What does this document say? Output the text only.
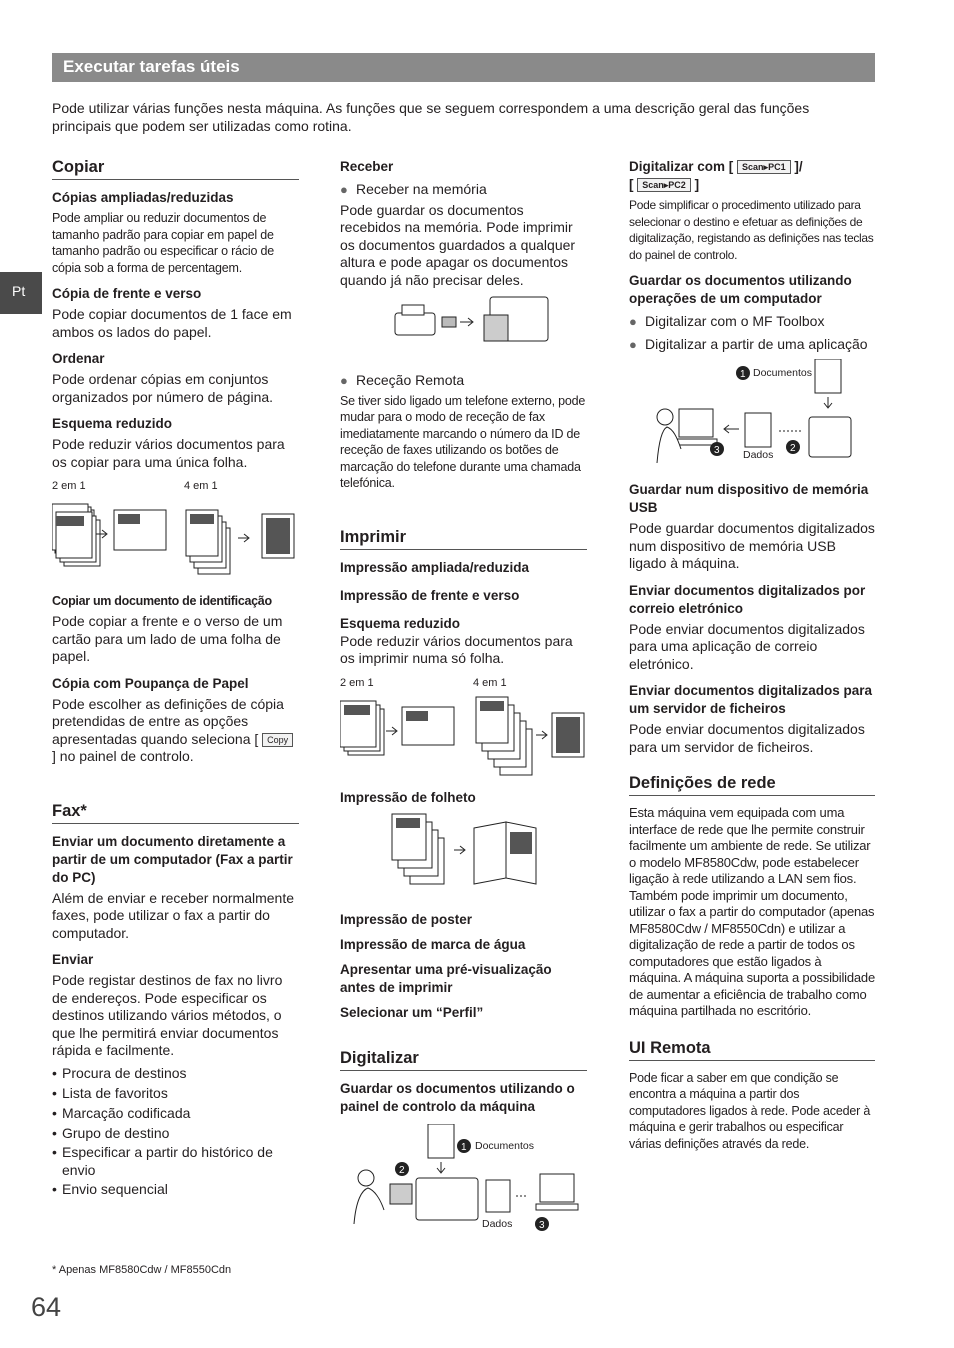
Executar tarefas úteis
Pode utilizar várias funções nesta máquina. As funções que se seguem correspondem a uma descrição geral das funções principais que podem ser utilizadas como rotina.
Pt
Copiar
Cópias ampliadas/reduzidas
Pode ampliar ou reduzir documentos de tamanho padrão para copiar em papel de tamanho padrão ou especificar o rácio de cópia sob a forma de percentagem.
Cópia de frente e verso
Pode copiar documentos de 1 face em ambos os lados do papel.
Ordenar
Pode ordenar cópias em conjuntos organizados por número de página.
Esquema reduzido
Pode reduzir vários documentos para os copiar para uma única folha.
2 em 1	4 em 1
Copiar um documento de identificação
Pode copiar a frente e o verso de um cartão para um lado de uma folha de papel.
Cópia com Poupança de Papel
Pode escolher as definições de cópia pretendidas de entre as opções apresentadas quando seleciona [ Copy ] no painel de controlo.
Fax*
Enviar um documento diretamente a partir de um computador (Fax a partir do PC)
Além de enviar e receber normalmente faxes, pode utilizar o fax a partir do computador.
Enviar
Pode registar destinos de fax no livro de endereços. Pode especificar os destinos utilizando vários métodos, o que lhe permitirá enviar documentos rápida e facilmente.
• Procura de destinos
• Lista de favoritos
• Marcação codificada
• Grupo de destino
• Especificar a partir do histórico de envio
• Envio sequencial
Receber
● Receber na memória
Pode guardar os documentos recebidos na memória. Pode imprimir os documentos guardados a qualquer altura e pode apagar os documentos quando já não precisar deles.
● Receção Remota
Se tiver sido ligado um telefone externo, pode mudar para o modo de receção de fax imediatamente marcando o número da ID de receção de faxes utilizando os botões de marcação do telefone durante uma chamada telefónica.
Imprimir
Impressão ampliada/reduzida
Impressão de frente e verso
Esquema reduzido
Pode reduzir vários documentos para os imprimir numa só folha.
2 em 1	4 em 1
Impressão de folheto
Impressão de poster
Impressão de marca de água
Apresentar uma pré-visualização antes de imprimir
Selecionar um “Perfil”
Digitalizar
Guardar os documentos utilizando o painel de controlo da máquina
1
2
3
Documentos
Dados
Digitalizar com [ Scan▸PC1 ]/
[ Scan▸PC2 ]
Pode simplificar o procedimento utilizado para selecionar o destino e efetuar as definições de digitalização, registando as definições nas teclas do painel de controlo.
Guardar os documentos utilizando operações de um computador
● Digitalizar com o MF Toolbox
● Digitalizar a partir de uma aplicação
1
2
3
Documentos
Dados
Guardar num dispositivo de memória USB
Pode guardar documentos digitalizados num dispositivo de memória USB ligado à máquina.
Enviar documentos digitalizados por correio eletrónico
Pode enviar documentos digitalizados para uma aplicação de correio eletrónico.
Enviar documentos digitalizados para um servidor de ficheiros
Pode enviar documentos digitalizados para um servidor de ficheiros.
Definições de rede
Esta máquina vem equipada com uma interface de rede que lhe permite construir facilmente um ambiente de rede. Se utilizar o modelo MF8580Cdw, pode estabelecer ligação à rede utilizando a LAN sem fios. Também pode imprimir um documento, utilizar o fax a partir do computador (apenas MF8580Cdw / MF8550Cdn) e utilizar a digitalização de rede a partir de todos os computadores que estão ligados à máquina. A máquina suporta a possibilidade de aumentar a eficiência de trabalho como máquina partilhada no escritório.
UI Remota
Pode ficar a saber em que condição se encontra a máquina a partir dos computadores ligados à rede. Pode aceder à máquina e gerir trabalhos ou especificar várias definições através da rede.
* Apenas MF8580Cdw / MF8550Cdn
64
